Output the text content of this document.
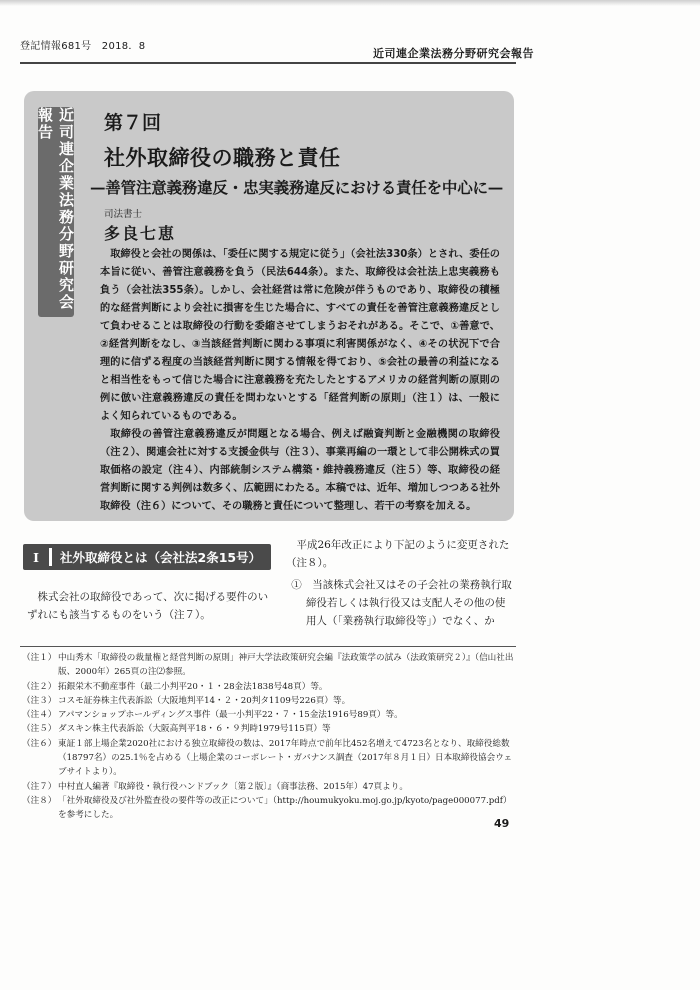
登記情報681号　2018．8
近司連企業法務分野研究会報告
近司連企業法務分野研究会報告	第７回
社外取締役の職務と責任
—善管注意義務違反・忠実義務違反における責任を中心に—
司法書士
多良七恵

取締役と会社の関係は、「委任に関する規定に従う」（会社法330条）とされ、委任の本旨に従い、善管注意義務を負う（民法644条）。また、取締役は会社法上忠実義務も負う（会社法355条）。しかし、会社経営は常に危険が伴うものであり、取締役の積極的な経営判断により会社に損害を生じた場合に、すべての責任を善管注意義務違反として負わせることは取締役の行動を委縮させてしまうおそれがある。そこで、①善意で、②経営判断をなし、③当該経営判断に関わる事項に利害関係がなく、④その状況下で合理的に信ずる程度の当該経営判断に関する情報を得ており、⑤会社の最善の利益になると相当性をもって信じた場合に注意義務を充たしたとするアメリカの経営判断の原則の例に倣い注意義務違反の責任を問わないとする「経営判断の原則」（注１）は、一般によく知られているものである。

取締役の善管注意義務違反が問題となる場合、例えば融資判断と金融機関の取締役（注２）、関連会社に対する支援金供与（注３）、事業再編の一環として非公開株式の買取価格の設定（注４）、内部統制システム構築・維持義務違反（注５）等、取締役の経営判断に関する判例は数多く、広範囲にわたる。本稿では、近年、増加しつつある社外取締役（注６）について、その職務と責任について整理し、若干の考察を加える。

Ⅰ	社外取締役とは（会社法2条15号）

株式会社の取締役であって、次に掲げる要件のいずれにも該当するものをいう（注７）。

平成26年改正により下記のように変更された（注８）。

①　当該株式会社又はその子会社の業務執行取締役若しくは執行役又は支配人その他の使用人（「業務執行取締役等」）でなく、か

（注１） 中山秀木「取締役の裁量権と経営判断の原則」神戸大学法政策研究会編『法政策学の試み（法政策研究２）』（信山社出版、2000年）265頁の注⑵参照。
（注２） 拓銀栄木不動産事件（最二小判平20・１・28金法1838号48頁）等。
（注３） コスモ証券株主代表訴訟（大阪地判平14・２・20判タ1109号226頁）等。
（注４） アパマンショップホールディングス事件（最一小判平22・７・15金法1916号89頁）等。
（注５） ダスキン株主代表訴訟（大阪高判平18・６・９判時1979号115頁）等
（注６） 東証１部上場企業2020社における独立取締役の数は、2017年時点で前年比452名増えて4723名となり、取締役総数（18797名）の25.1％を占める（上場企業のコーポレート・ガバナンス調査（2017年８月１日）日本取締役協会ウェブサイトより）。
（注７） 中村直人編著『取締役・執行役ハンドブック〔第２版〕』（商事法務、2015年）47頁より。
（注８） 「社外取締役及び社外監査役の要件等の改正について」（http://houmukyoku.moj.go.jp/kyoto/page000077.pdf）を参考にした。
49
